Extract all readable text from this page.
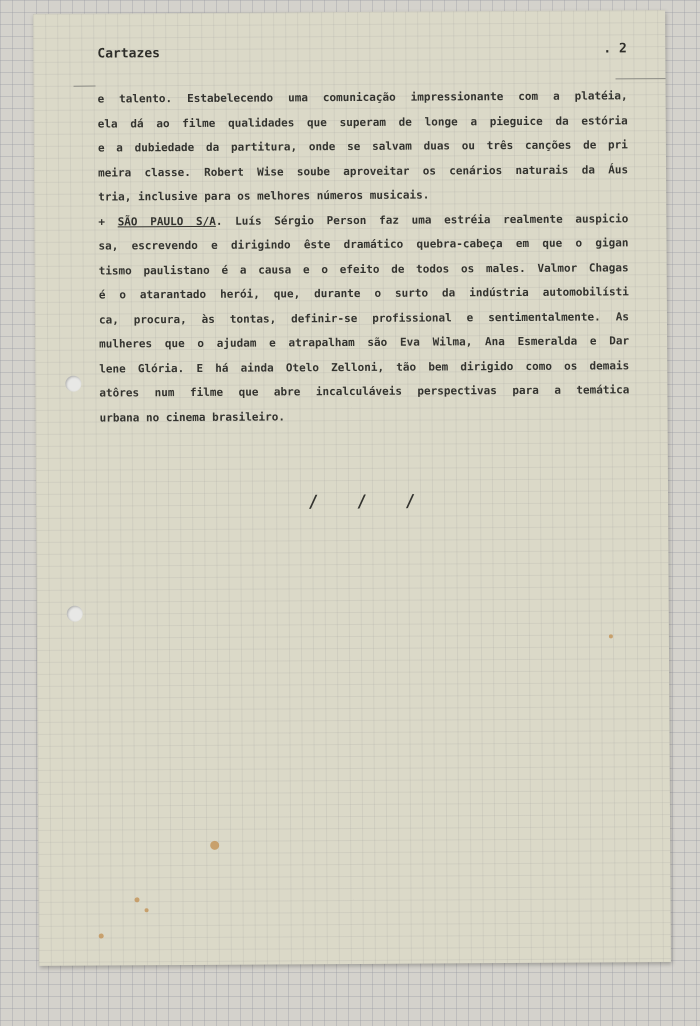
Cartazes	. 2
e talento. Estabelecendo uma comunicação impressionante com a platéia,
ela dá ao filme qualidades que superam de longe a pieguice da estória
e a dubiedade da partitura, onde se salvam duas ou três canções de pri
meira classe. Robert Wise soube aproveitar os cenários naturais da Áus
tria, inclusive para os melhores números musicais.
+ SÃO PAULO S/A. Luís Sérgio Person faz uma estréia realmente auspicio
sa, escrevendo e dirigindo êste dramático quebra-cabeça em que o gigan
tismo paulistano é a causa e o efeito de todos os males. Valmor Chagas
é o atarantado herói, que, durante o surto da indústria automobilísti
ca, procura, às tontas, definir-se profissional e sentimentalmente. As
mulheres que o ajudam e atrapalham são Eva Wilma, Ana Esmeralda e Dar
lene Glória. E há ainda Otelo Zelloni, tão bem dirigido como os demais
atôres num filme que abre incalculáveis perspectivas para a temática
urbana no cinema brasileiro.
/ / /
